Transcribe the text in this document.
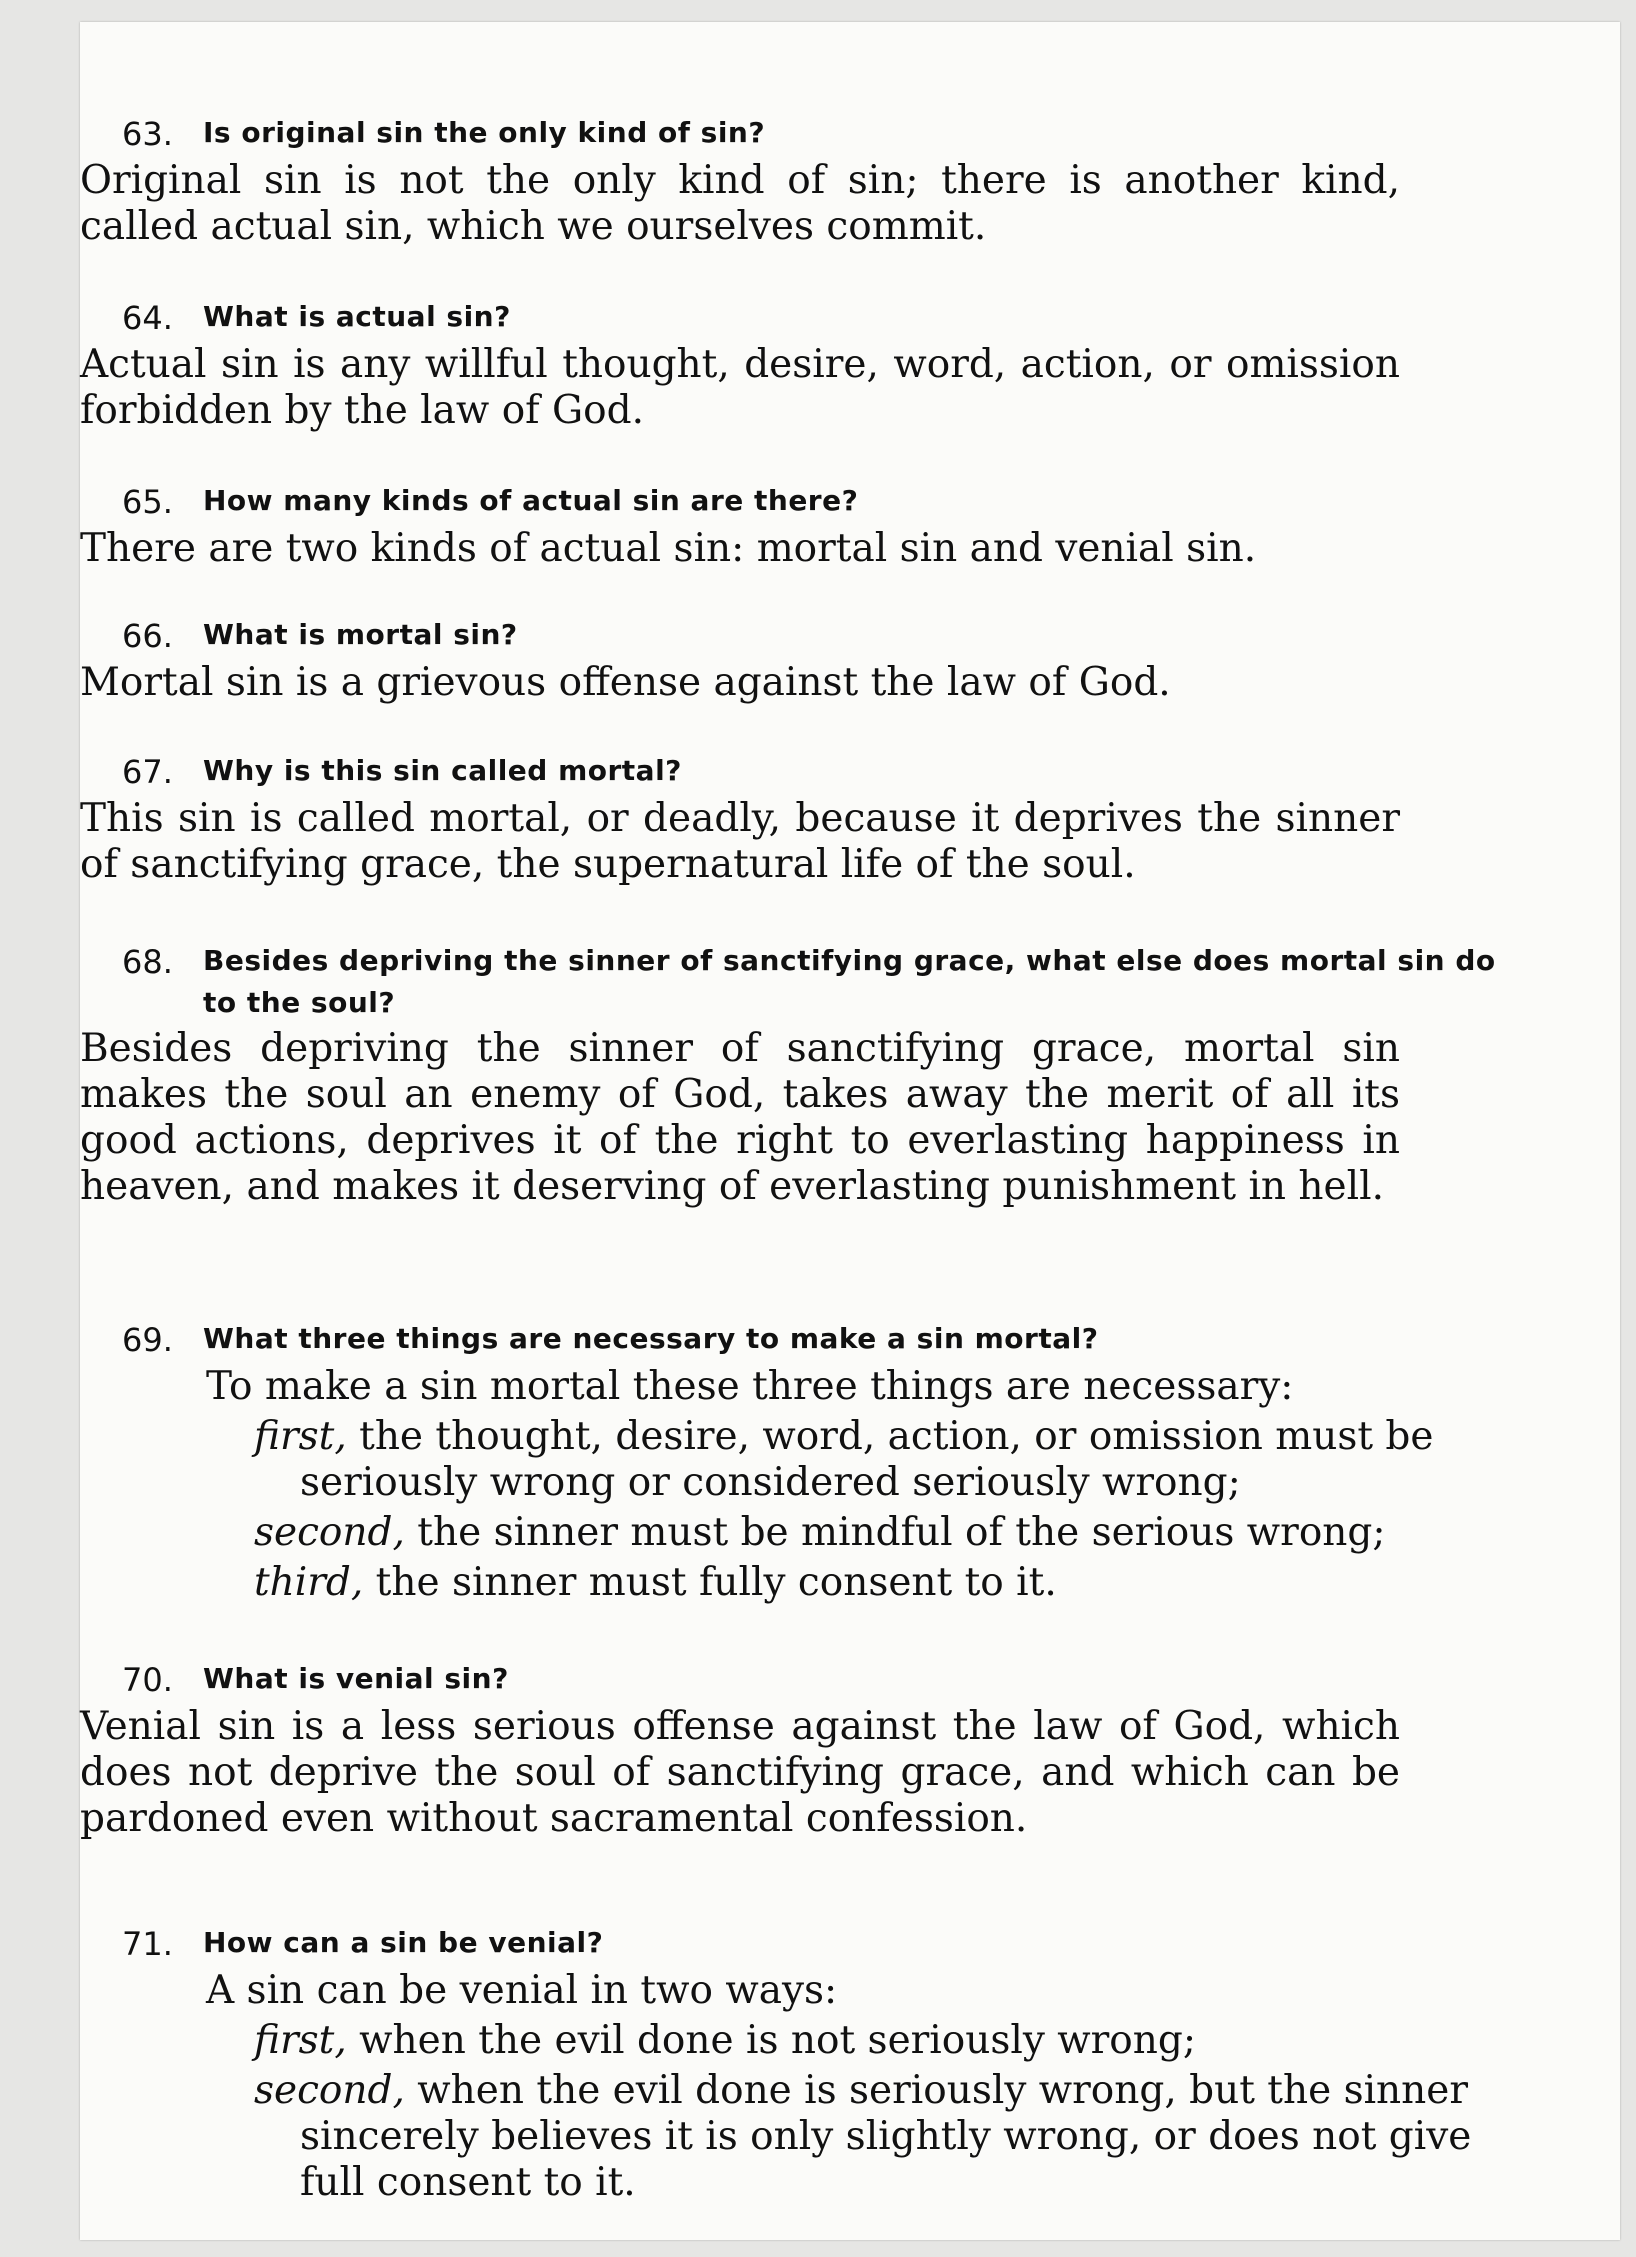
63. Is original sin the only kind of sin?

Original sin is not the only kind of sin; there is another kind, called actual sin, which we ourselves commit.

64. What is actual sin?

Actual sin is any willful thought, desire, word, action, or omission forbidden by the law of God.

65. How many kinds of actual sin are there?

There are two kinds of actual sin: mortal sin and venial sin.

66. What is mortal sin?

Mortal sin is a grievous offense against the law of God.

67. Why is this sin called mortal?

This sin is called mortal, or deadly, because it deprives the sinner of sanctifying grace, the supernatural life of the soul.

68. Besides depriving the sinner of sanctifying grace, what else does mortal sin do to the soul?

Besides depriving the sinner of sanctifying grace, mortal sin makes the soul an enemy of God, takes away the merit of all its good actions, deprives it of the right to everlasting happiness in heaven, and makes it deserving of everlasting punishment in hell.

69. What three things are necessary to make a sin mortal?

To make a sin mortal these three things are necessary:

first, the thought, desire, word, action, or omission must be seriously wrong or considered seriously wrong;

second, the sinner must be mindful of the serious wrong;

third, the sinner must fully consent to it.

70. What is venial sin?

Venial sin is a less serious offense against the law of God, which does not deprive the soul of sanctifying grace, and which can be pardoned even without sacramental confession.

71. How can a sin be venial?

A sin can be venial in two ways:

first, when the evil done is not seriously wrong;

second, when the evil done is seriously wrong, but the sinner sincerely believes it is only slightly wrong, or does not give full consent to it.
